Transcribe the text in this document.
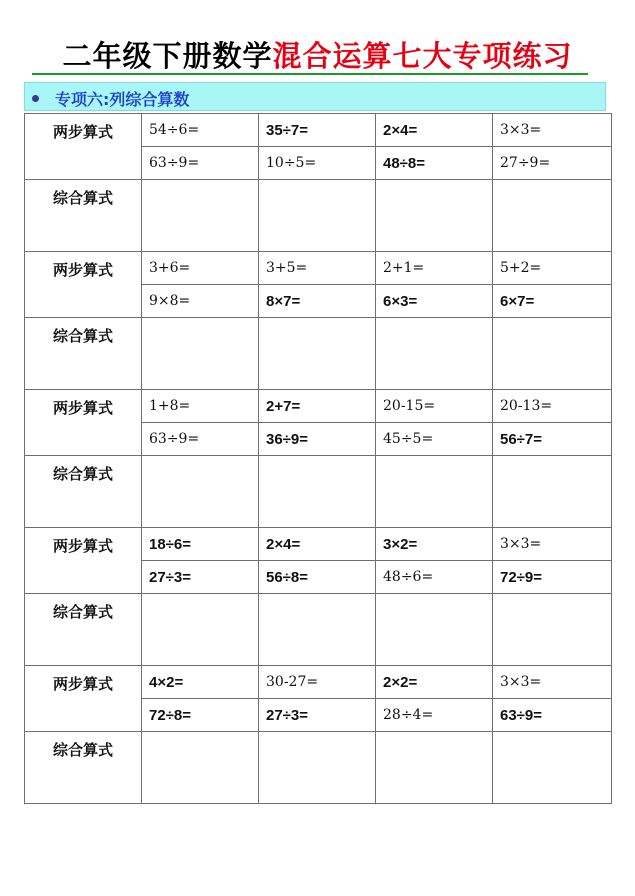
二年级下册数学混合运算七大专项练习
专项六:列综合算数
两步算式	54÷6=	35÷7=	2×4=	3×3=
	63÷9=	10÷5=	48÷8=	27÷9=
综合算式				
两步算式	3+6=	3+5=	2+1=	5+2=
	9×8=	8×7=	6×3=	6×7=
综合算式				
两步算式	1+8=	2+7=	20-15=	20-13=
	63÷9=	36÷9=	45÷5=	56÷7=
综合算式				
两步算式	18÷6=	2×4=	3×2=	3×3=
	27÷3=	56÷8=	48÷6=	72÷9=
综合算式				
两步算式	4×2=	30-27=	2×2=	3×3=
	72÷8=	27÷3=	28÷4=	63÷9=
综合算式				
